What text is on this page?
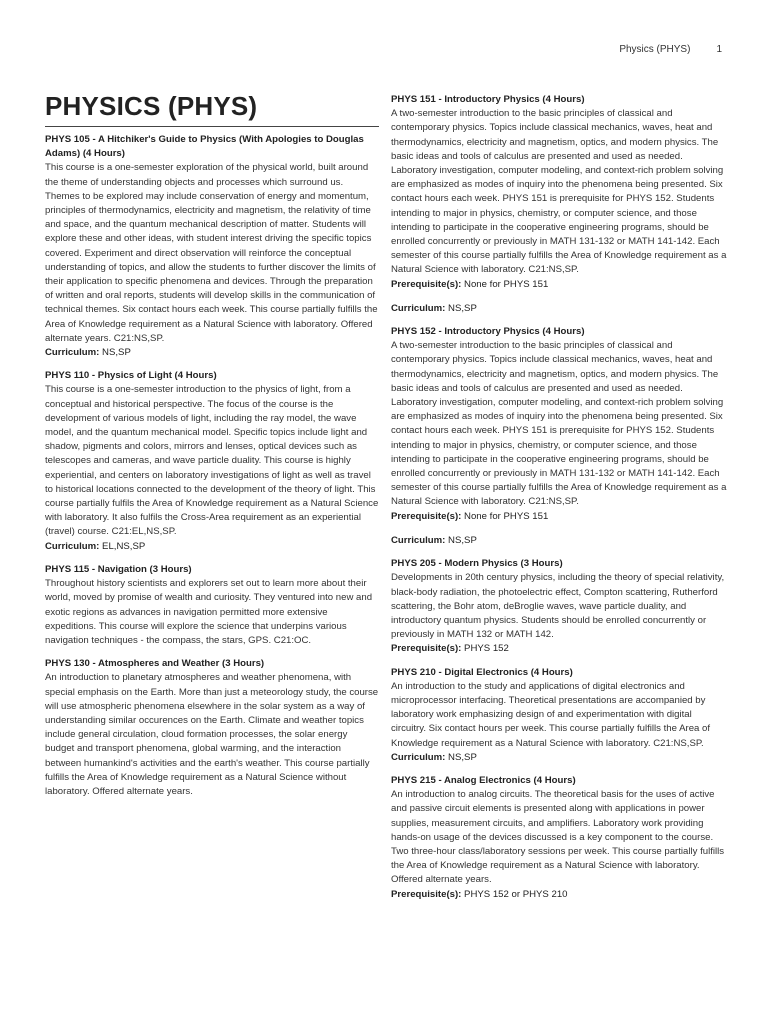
Physics (PHYS)	1
PHYSICS (PHYS)
PHYS 105 - A Hitchiker's Guide to Physics (With Apologies to Douglas Adams) (4 Hours)
This course is a one-semester exploration of the physical world, built around the theme of understanding objects and processes which surround us. Themes to be explored may include conservation of energy and momentum, principles of thermodynamics, electricity and magnetism, the relativity of time and space, and the quantum mechanical description of matter. Students will explore these and other ideas, with student interest driving the specific topics covered. Experiment and direct observation will reinforce the conceptual understanding of topics, and allow the students to further discover the limits of their application to specific phenomena and devices. Through the preparation of written and oral reports, students will develop skills in the communication of technical themes. Six contact hours each week. This course partially fulfills the Area of Knowledge requirement as a Natural Science with laboratory. Offered alternate years. C21:NS,SP.
Curriculum: NS,SP
PHYS 110 - Physics of Light (4 Hours)
This course is a one-semester introduction to the physics of light, from a conceptual and historical perspective. The focus of the course is the development of various models of light, including the ray model, the wave model, and the quantum mechanical model. Specific topics include light and shadow, pigments and colors, mirrors and lenses, optical devices such as telescopes and cameras, and wave particle duality. This course is highly experiential, and centers on laboratory investigations of light as well as travel to historical locations connected to the development of the theory of light. This course partially fulfils the Area of Knowledge requirement as a Natural Science with laboratory. It also fulfils the Cross-Area requirement as an experiential (travel) course. C21:EL,NS,SP.
Curriculum: EL,NS,SP
PHYS 115 - Navigation (3 Hours)
Throughout history scientists and explorers set out to learn more about their world, moved by promise of wealth and curiosity. They ventured into new and exotic regions as advances in navigation permitted more extensive expeditions. This course will explore the science that underpins various navigation techniques - the compass, the stars, GPS. C21:OC.
PHYS 130 - Atmospheres and Weather (3 Hours)
An introduction to planetary atmospheres and weather phenomena, with special emphasis on the Earth. More than just a meteorology study, the course will use atmospheric phenomena elsewhere in the solar system as a way of understanding similar occurences on the Earth. Climate and weather topics include general circulation, cloud formation processes, the solar energy budget and transport phenomena, global warming, and the interaction between humankind's activities and the earth's weather. This course partially fulfills the Area of Knowledge requirement as a Natural Science without laboratory. Offered alternate years.
PHYS 151 - Introductory Physics (4 Hours)
A two-semester introduction to the basic principles of classical and contemporary physics. Topics include classical mechanics, waves, heat and thermodynamics, electricity and magnetism, optics, and modern physics. The basic ideas and tools of calculus are presented and used as needed. Laboratory investigation, computer modeling, and context-rich problem solving are emphasized as modes of inquiry into the phenomena being presented. Six contact hours each week. PHYS 151 is prerequisite for PHYS 152. Students intending to major in physics, chemistry, or computer science, and those intending to participate in the cooperative engineering programs, should be enrolled concurrently or previously in MATH 131-132 or MATH 141-142. Each semester of this course partially fulfills the Area of Knowledge requirement as a Natural Science with laboratory. C21:NS,SP.
Prerequisite(s): None for PHYS 151
Curriculum: NS,SP
PHYS 152 - Introductory Physics (4 Hours)
A two-semester introduction to the basic principles of classical and contemporary physics. Topics include classical mechanics, waves, heat and thermodynamics, electricity and magnetism, optics, and modern physics. The basic ideas and tools of calculus are presented and used as needed. Laboratory investigation, computer modeling, and context-rich problem solving are emphasized as modes of inquiry into the phenomena being presented. Six contact hours each week. PHYS 151 is prerequisite for PHYS 152. Students intending to major in physics, chemistry, or computer science, and those intending to participate in the cooperative engineering programs, should be enrolled concurrently or previously in MATH 131-132 or MATH 141-142. Each semester of this course partially fulfills the Area of Knowledge requirement as a Natural Science with laboratory. C21:NS,SP.
Prerequisite(s): None for PHYS 151
Curriculum: NS,SP
PHYS 205 - Modern Physics (3 Hours)
Developments in 20th century physics, including the theory of special relativity, black-body radiation, the photoelectric effect, Compton scattering, Rutherford scattering, the Bohr atom, deBroglie waves, wave particle duality, and introductory quantum physics. Students should be enrolled concurrently or previously in MATH 132 or MATH 142.
Prerequisite(s): PHYS 152
PHYS 210 - Digital Electronics (4 Hours)
An introduction to the study and applications of digital electronics and microprocessor interfacing. Theoretical presentations are accompanied by laboratory work emphasizing design of and experimentation with digital circuitry. Six contact hours per week. This course partially fulfills the Area of Knowledge requirement as a Natural Science with laboratory. C21:NS,SP.
Curriculum: NS,SP
PHYS 215 - Analog Electronics (4 Hours)
An introduction to analog circuits. The theoretical basis for the uses of active and passive circuit elements is presented along with applications in power supplies, measurement circuits, and amplifiers. Laboratory work providing hands-on usage of the devices discussed is a key component to the course. Two three-hour class/laboratory sessions per week. This course partially fulfills the Area of Knowledge requirement as a Natural Science with laboratory. Offered alternate years.
Prerequisite(s): PHYS 152 or PHYS 210
